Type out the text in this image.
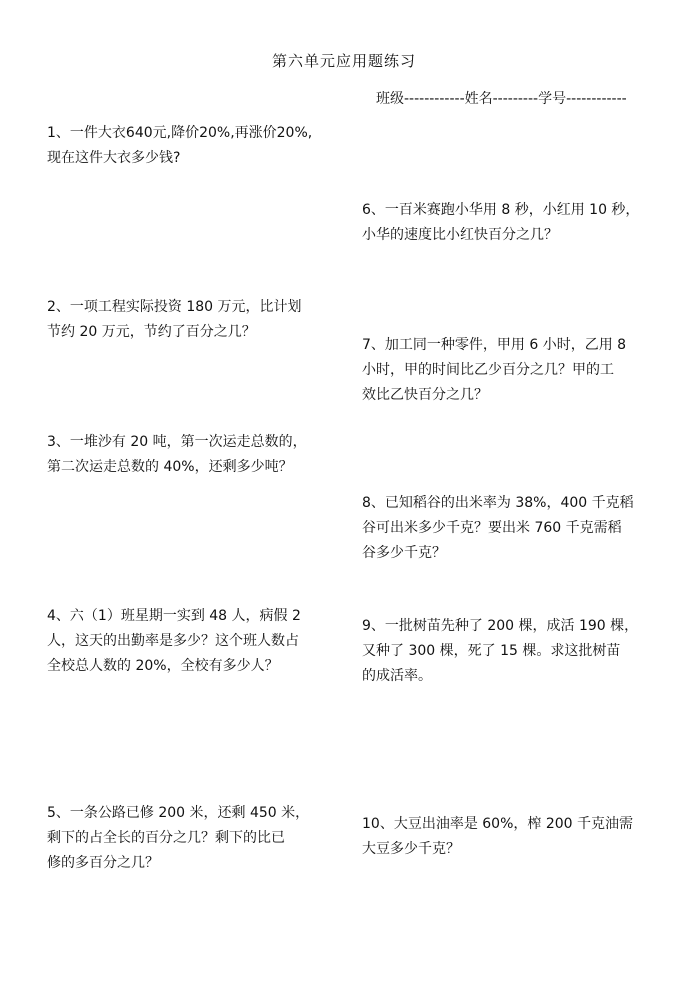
第六单元应用题练习
班级------------姓名---------学号------------
1、一件大衣640元,降价20%,再涨价20%,
现在这件大衣多少钱?
2、一项工程实际投资 180 万元，比计划
节约 20 万元，节约了百分之几？
3、一堆沙有 20 吨，第一次运走总数的，
第二次运走总数的 40%，还剩多少吨？
4、六（1）班星期一实到 48 人，病假 2
人，这天的出勤率是多少？这个班人数占
全校总人数的 20%，全校有多少人？
5、一条公路已修 200 米，还剩 450 米，
剩下的占全长的百分之几？剩下的比已
修的多百分之几？
6、一百米赛跑小华用 8 秒，小红用 10 秒，
小华的速度比小红快百分之几？
7、加工同一种零件，甲用 6 小时，乙用 8
小时，甲的时间比乙少百分之几？甲的工
效比乙快百分之几？
8、已知稻谷的出米率为 38%，400 千克稻
谷可出米多少千克？要出米 760 千克需稻
谷多少千克？
9、一批树苗先种了 200 棵，成活 190 棵，
又种了 300 棵，死了 15 棵。求这批树苗
的成活率。
10、大豆出油率是 60%，榨 200 千克油需
大豆多少千克？
